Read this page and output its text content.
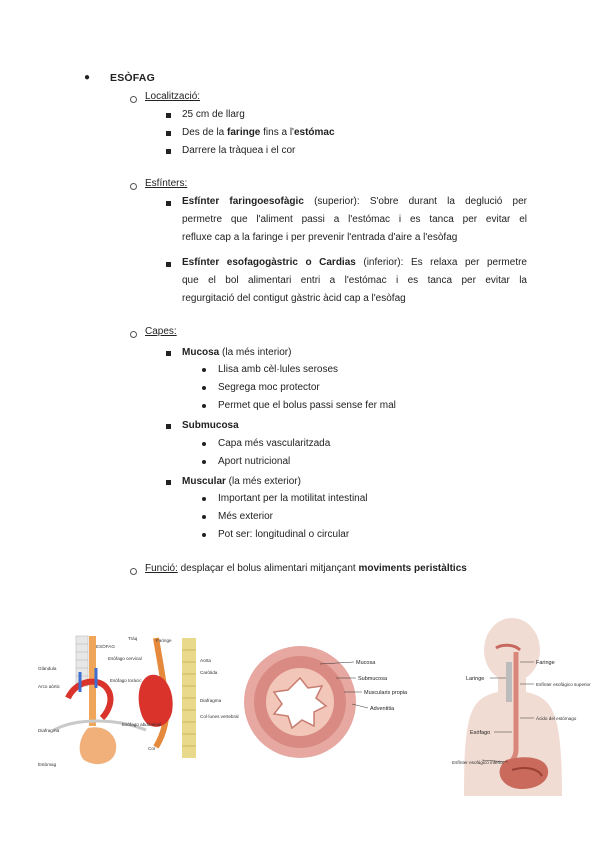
● ESÒFAG
Localització:
25 cm de llarg
Des de la faringe fins a l'estómac
Darrere la tràquea i el cor
Esfínters:
Esfínter faringoesofàgic (superior): S'obre durant la deglució per
permetre que l'aliment passi a l'estómac i es tanca per evitar el
refluxe cap a la faringe i per prevenir l'entrada d'aire a l'esòfag
Esfínter esofagogàstric o Cardias (inferior): Es relaxa per permetre
que el bol alimentari entri a l'estómac i es tanca per evitar la
regurgitació del contigut gàstric àcid cap a l'esòfag
Capes:
Mucosa (la més interior)
Llisa amb cèl·lules seroses
Segrega moc protector
Permet que el bolus passi sense fer mal
Submucosa
Capa més vascularitzada
Aport nutricional
Muscular (la més exterior)
Important per la motilitat intestinal
Més exterior
Pot ser: longitudinal o circular
Funció: desplaçar el bolus alimentari mitjançant moviments peristàltics
Faringe
ESÒFAG
Tràq
Esòfago cervical	Aorta
Esòfago toràcic
Caròtida
Arco aòrtic
Diafragma
Esòfago abdominal
Col·lunes vertebral
Cor
Diafragma
Estòmag
Glàndula
Mucosa
Submucosa
Muscularis propia
Adventitia
Faringe
Laringe
Esfínter esofágico superior
Ácido del estómago
Esófago
Esfínter esofágico inferior
